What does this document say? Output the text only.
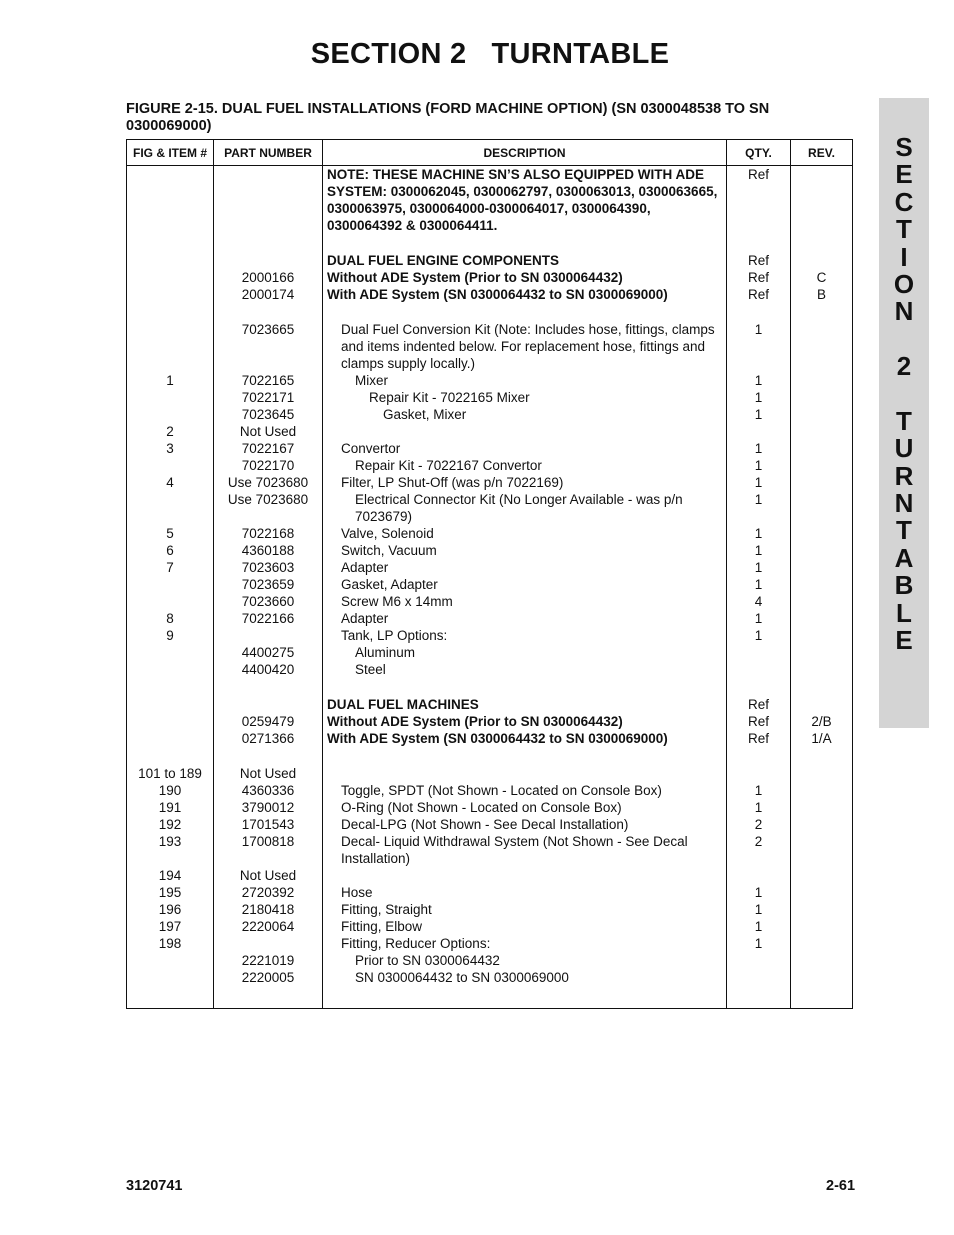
SECTION 2   TURNTABLE
FIGURE 2-15. DUAL FUEL INSTALLATIONS (FORD MACHINE OPTION) (SN 0300048538 TO SN 0300069000)
S
E
C
T
I
O
N
2
T
U
R
N
T
A
B
L
E
FIG & ITEM #	PART NUMBER	DESCRIPTION	QTY.	REV.

		NOTE: THESE MACHINE SN’S ALSO EQUIPPED WITH ADE SYSTEM: 0300062045, 0300062797, 0300063013, 0300063665, 0300063975, 0300064000-0300064017, 0300064390, 0300064392 & 0300064411.	Ref	

		DUAL FUEL ENGINE COMPONENTS	Ref	
	2000166	Without ADE System (Prior to SN 0300064432)	Ref	C
	2000174	With ADE System (SN 0300064432 to SN 0300069000)	Ref	B

	7023665	Dual Fuel Conversion Kit (Note: Includes hose, fittings, clamps and items indented below. For replacement hose, fittings and clamps supply locally.)	1	
1	7022165	Mixer	1	
	7022171	Repair Kit - 7022165 Mixer	1	
	7023645	Gasket, Mixer	1	
2	Not Used	

3	7022167	Convertor	1	
	7022170	Repair Kit - 7022167 Convertor	1	
4	Use 7023680	Filter, LP Shut-Off (was p/n 7022169)	1	
	Use 7023680	Electrical Connector Kit (No Longer Available - was p/n 7023679)	1	
5	7022168	Valve, Solenoid	1	
6	4360188	Switch, Vacuum	1	
7	7023603	Adapter	1	
	7023659	Gasket, Adapter	1	
	7023660	Screw M6 x 14mm	4	
8	7022166	Adapter	1	
9		Tank, LP Options:	1	
	4400275	Aluminum		

	4400420	Steel		

		DUAL FUEL MACHINES	Ref	
	0259479	Without ADE System (Prior to SN 0300064432)	Ref	2/B
	0271366	With ADE System (SN 0300064432 to SN 0300069000)	Ref	1/A

101 to 189	Not Used	

190	4360336	Toggle, SPDT (Not Shown - Located on Console Box)	1	
191	3790012	O-Ring (Not Shown - Located on Console Box)	1	
192	1701543	Decal-LPG (Not Shown - See Decal Installation)	2	
193	1700818	Decal- Liquid Withdrawal System (Not Shown - See Decal Installation)	2	
194	Not Used	

195	2720392	Hose	1	
196	2180418	Fitting, Straight	1	
197	2220064	Fitting, Elbow	1	
198		Fitting, Reducer Options:	1	
	2221019	Prior to SN 0300064432		

	2220005	SN 0300064432 to SN 0300069000		

3120741	2-61
